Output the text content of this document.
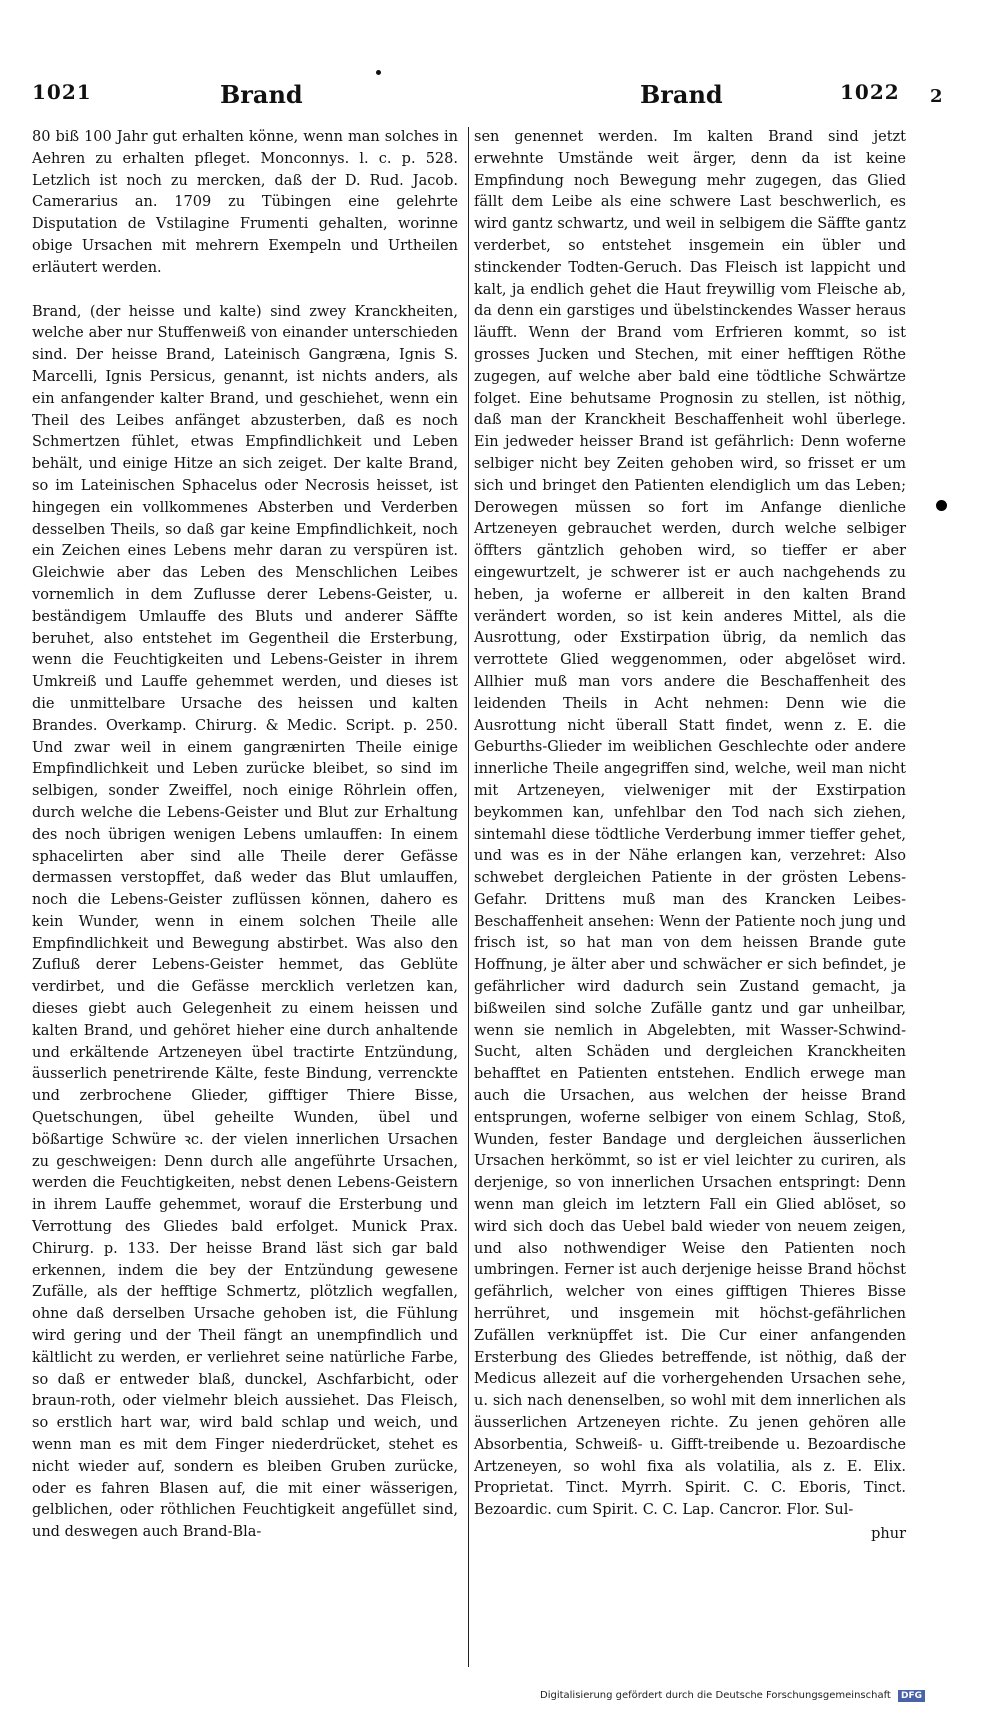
1021	Brand	Brand	1022 2

80 biß 100 Jahr gut erhalten könne, wenn man solches in Aehren zu erhalten pfleget. Monconnys. l. c. p. 528. Letzlich ist noch zu mercken, daß der D. Rud. Jacob. Camerarius an. 1709 zu Tübingen eine gelehrte Disputation de Vstilagine Frumenti gehalten, worinne obige Ursachen mit mehrern Exempeln und Urtheilen erläutert werden.

Brand, (der heisse und kalte) sind zwey Kranckheiten, welche aber nur Stuffenweiß von einander unterschieden sind. Der heisse Brand, Lateinisch Gangræna, Ignis S. Marcelli, Ignis Persicus, genannt, ist nichts anders, als ein anfangender kalter Brand, und geschiehet, wenn ein Theil des Leibes anfänget abzusterben, daß es noch Schmertzen fühlet, etwas Empfindlichkeit und Leben behält, und einige Hitze an sich zeiget. Der kalte Brand, so im Lateinischen Sphacelus oder Necrosis heisset, ist hingegen ein vollkommenes Absterben und Verderben desselben Theils, so daß gar keine Empfindlichkeit, noch ein Zeichen eines Lebens mehr daran zu verspüren ist. Gleichwie aber das Leben des Menschlichen Leibes vornemlich in dem Zuflusse derer Lebens-Geister, u. beständigem Umlauffe des Bluts und anderer Säffte beruhet, also entstehet im Gegentheil die Ersterbung, wenn die Feuchtigkeiten und Lebens-Geister in ihrem Umkreiß und Lauffe gehemmet werden, und dieses ist die unmittelbare Ursache des heissen und kalten Brandes. Overkamp. Chirurg. & Medic. Script. p. 250. Und zwar weil in einem gangrænirten Theile einige Empfindlichkeit und Leben zurücke bleibet, so sind im selbigen, sonder Zweiffel, noch einige Röhrlein offen, durch welche die Lebens-Geister und Blut zur Erhaltung des noch übrigen wenigen Lebens umlauffen: In einem sphacelirten aber sind alle Theile derer Gefässe dermassen verstopffet, daß weder das Blut umlauffen, noch die Lebens-Geister zuflüssen können, dahero es kein Wunder, wenn in einem solchen Theile alle Empfindlichkeit und Bewegung abstirbet. Was also den Zufluß derer Lebens-Geister hemmet, das Geblüte verdirbet, und die Gefässe mercklich verletzen kan, dieses giebt auch Gelegenheit zu einem heissen und kalten Brand, und gehöret hieher eine durch anhaltende und erkältende Artzeneyen übel tractirte Entzündung, äusserlich penetrirende Kälte, feste Bindung, verrenckte und zerbrochene Glieder, gifftiger Thiere Bisse, Quetschungen, übel geheilte Wunden, übel und bößartige Schwüre ꝛc. der vielen innerlichen Ursachen zu geschweigen: Denn durch alle angeführte Ursachen, werden die Feuchtigkeiten, nebst denen Lebens-Geistern in ihrem Lauffe gehemmet, worauf die Ersterbung und Verrottung des Gliedes bald erfolget. Munick Prax. Chirurg. p. 133. Der heisse Brand läst sich gar bald erkennen, indem die bey der Entzündung gewesene Zufälle, als der hefftige Schmertz, plötzlich wegfallen, ohne daß derselben Ursache gehoben ist, die Fühlung wird gering und der Theil fängt an unempfindlich und kältlicht zu werden, er verliehret seine natürliche Farbe, so daß er entweder blaß, dunckel, Aschfarbicht, oder braun-roth, oder vielmehr bleich aussiehet. Das Fleisch, so erstlich hart war, wird bald schlap und weich, und wenn man es mit dem Finger niederdrücket, stehet es nicht wieder auf, sondern es bleiben Gruben zurücke, oder es fahren Blasen auf, die mit einer wässerigen, gelblichen, oder röthlichen Feuchtigkeit angefüllet sind, und deswegen auch Brand-Bla-

sen genennet werden. Im kalten Brand sind jetzt erwehnte Umstände weit ärger, denn da ist keine Empfindung noch Bewegung mehr zugegen, das Glied fällt dem Leibe als eine schwere Last beschwerlich, es wird gantz schwartz, und weil in selbigem die Säffte gantz verderbet, so entstehet insgemein ein übler und stinckender Todten-Geruch. Das Fleisch ist lappicht und kalt, ja endlich gehet die Haut freywillig vom Fleische ab, da denn ein garstiges und übelstinckendes Wasser heraus läufft. Wenn der Brand vom Erfrieren kommt, so ist grosses Jucken und Stechen, mit einer hefftigen Röthe zugegen, auf welche aber bald eine tödtliche Schwärtze folget. Eine behutsame Prognosin zu stellen, ist nöthig, daß man der Kranckheit Beschaffenheit wohl überlege. Ein jedweder heisser Brand ist gefährlich: Denn woferne selbiger nicht bey Zeiten gehoben wird, so frisset er um sich und bringet den Patienten elendiglich um das Leben; Derowegen müssen so fort im Anfange dienliche Artzeneyen gebrauchet werden, durch welche selbiger öffters gäntzlich gehoben wird, so tieffer er aber eingewurtzelt, je schwerer ist er auch nachgehends zu heben, ja woferne er allbereit in den kalten Brand verändert worden, so ist kein anderes Mittel, als die Ausrottung, oder Exstirpation übrig, da nemlich das verrottete Glied weggenommen, oder abgelöset wird. Allhier muß man vors andere die Beschaffenheit des leidenden Theils in Acht nehmen: Denn wie die Ausrottung nicht überall Statt findet, wenn z. E. die Geburths-Glieder im weiblichen Geschlechte oder andere innerliche Theile angegriffen sind, welche, weil man nicht mit Artzeneyen, vielweniger mit der Exstirpation beykommen kan, unfehlbar den Tod nach sich ziehen, sintemahl diese tödtliche Verderbung immer tieffer gehet, und was es in der Nähe erlangen kan, verzehret: Also schwebet dergleichen Patiente in der grösten Lebens-Gefahr. Drittens muß man des Krancken Leibes-Beschaffenheit ansehen: Wenn der Patiente noch jung und frisch ist, so hat man von dem heissen Brande gute Hoffnung, je älter aber und schwächer er sich befindet, je gefährlicher wird dadurch sein Zustand gemacht, ja bißweilen sind solche Zufälle gantz und gar unheilbar, wenn sie nemlich in Abgelebten, mit Wasser-Schwind-Sucht, alten Schäden und dergleichen Kranckheiten behafftet en Patienten entstehen. Endlich erwege man auch die Ursachen, aus welchen der heisse Brand entsprungen, woferne selbiger von einem Schlag, Stoß, Wunden, fester Bandage und dergleichen äusserlichen Ursachen herkömmt, so ist er viel leichter zu curiren, als derjenige, so von innerlichen Ursachen entspringt: Denn wenn man gleich im letztern Fall ein Glied ablöset, so wird sich doch das Uebel bald wieder von neuem zeigen, und also nothwendiger Weise den Patienten noch umbringen. Ferner ist auch derjenige heisse Brand höchst gefährlich, welcher von eines gifftigen Thieres Bisse herrühret, und insgemein mit höchst-gefährlichen Zufällen verknüpffet ist. Die Cur einer anfangenden Ersterbung des Gliedes betreffende, ist nöthig, daß der Medicus allezeit auf die vorhergehenden Ursachen sehe, u. sich nach denenselben, so wohl mit dem innerlichen als äusserlichen Artzeneyen richte. Zu jenen gehören alle Absorbentia, Schweiß- u. Gifft-treibende u. Bezoardische Artzeneyen, so wohl fixa als volatilia, als z. E. Elix. Proprietat. Tinct. Myrrh. Spirit. C. C. Eboris, Tinct. Bezoardic. cum Spirit. C. C. Lap. Cancror. Flor. Sul-

phur

Digitalisierung gefördert durch die Deutsche Forschungsgemeinschaft DFG
